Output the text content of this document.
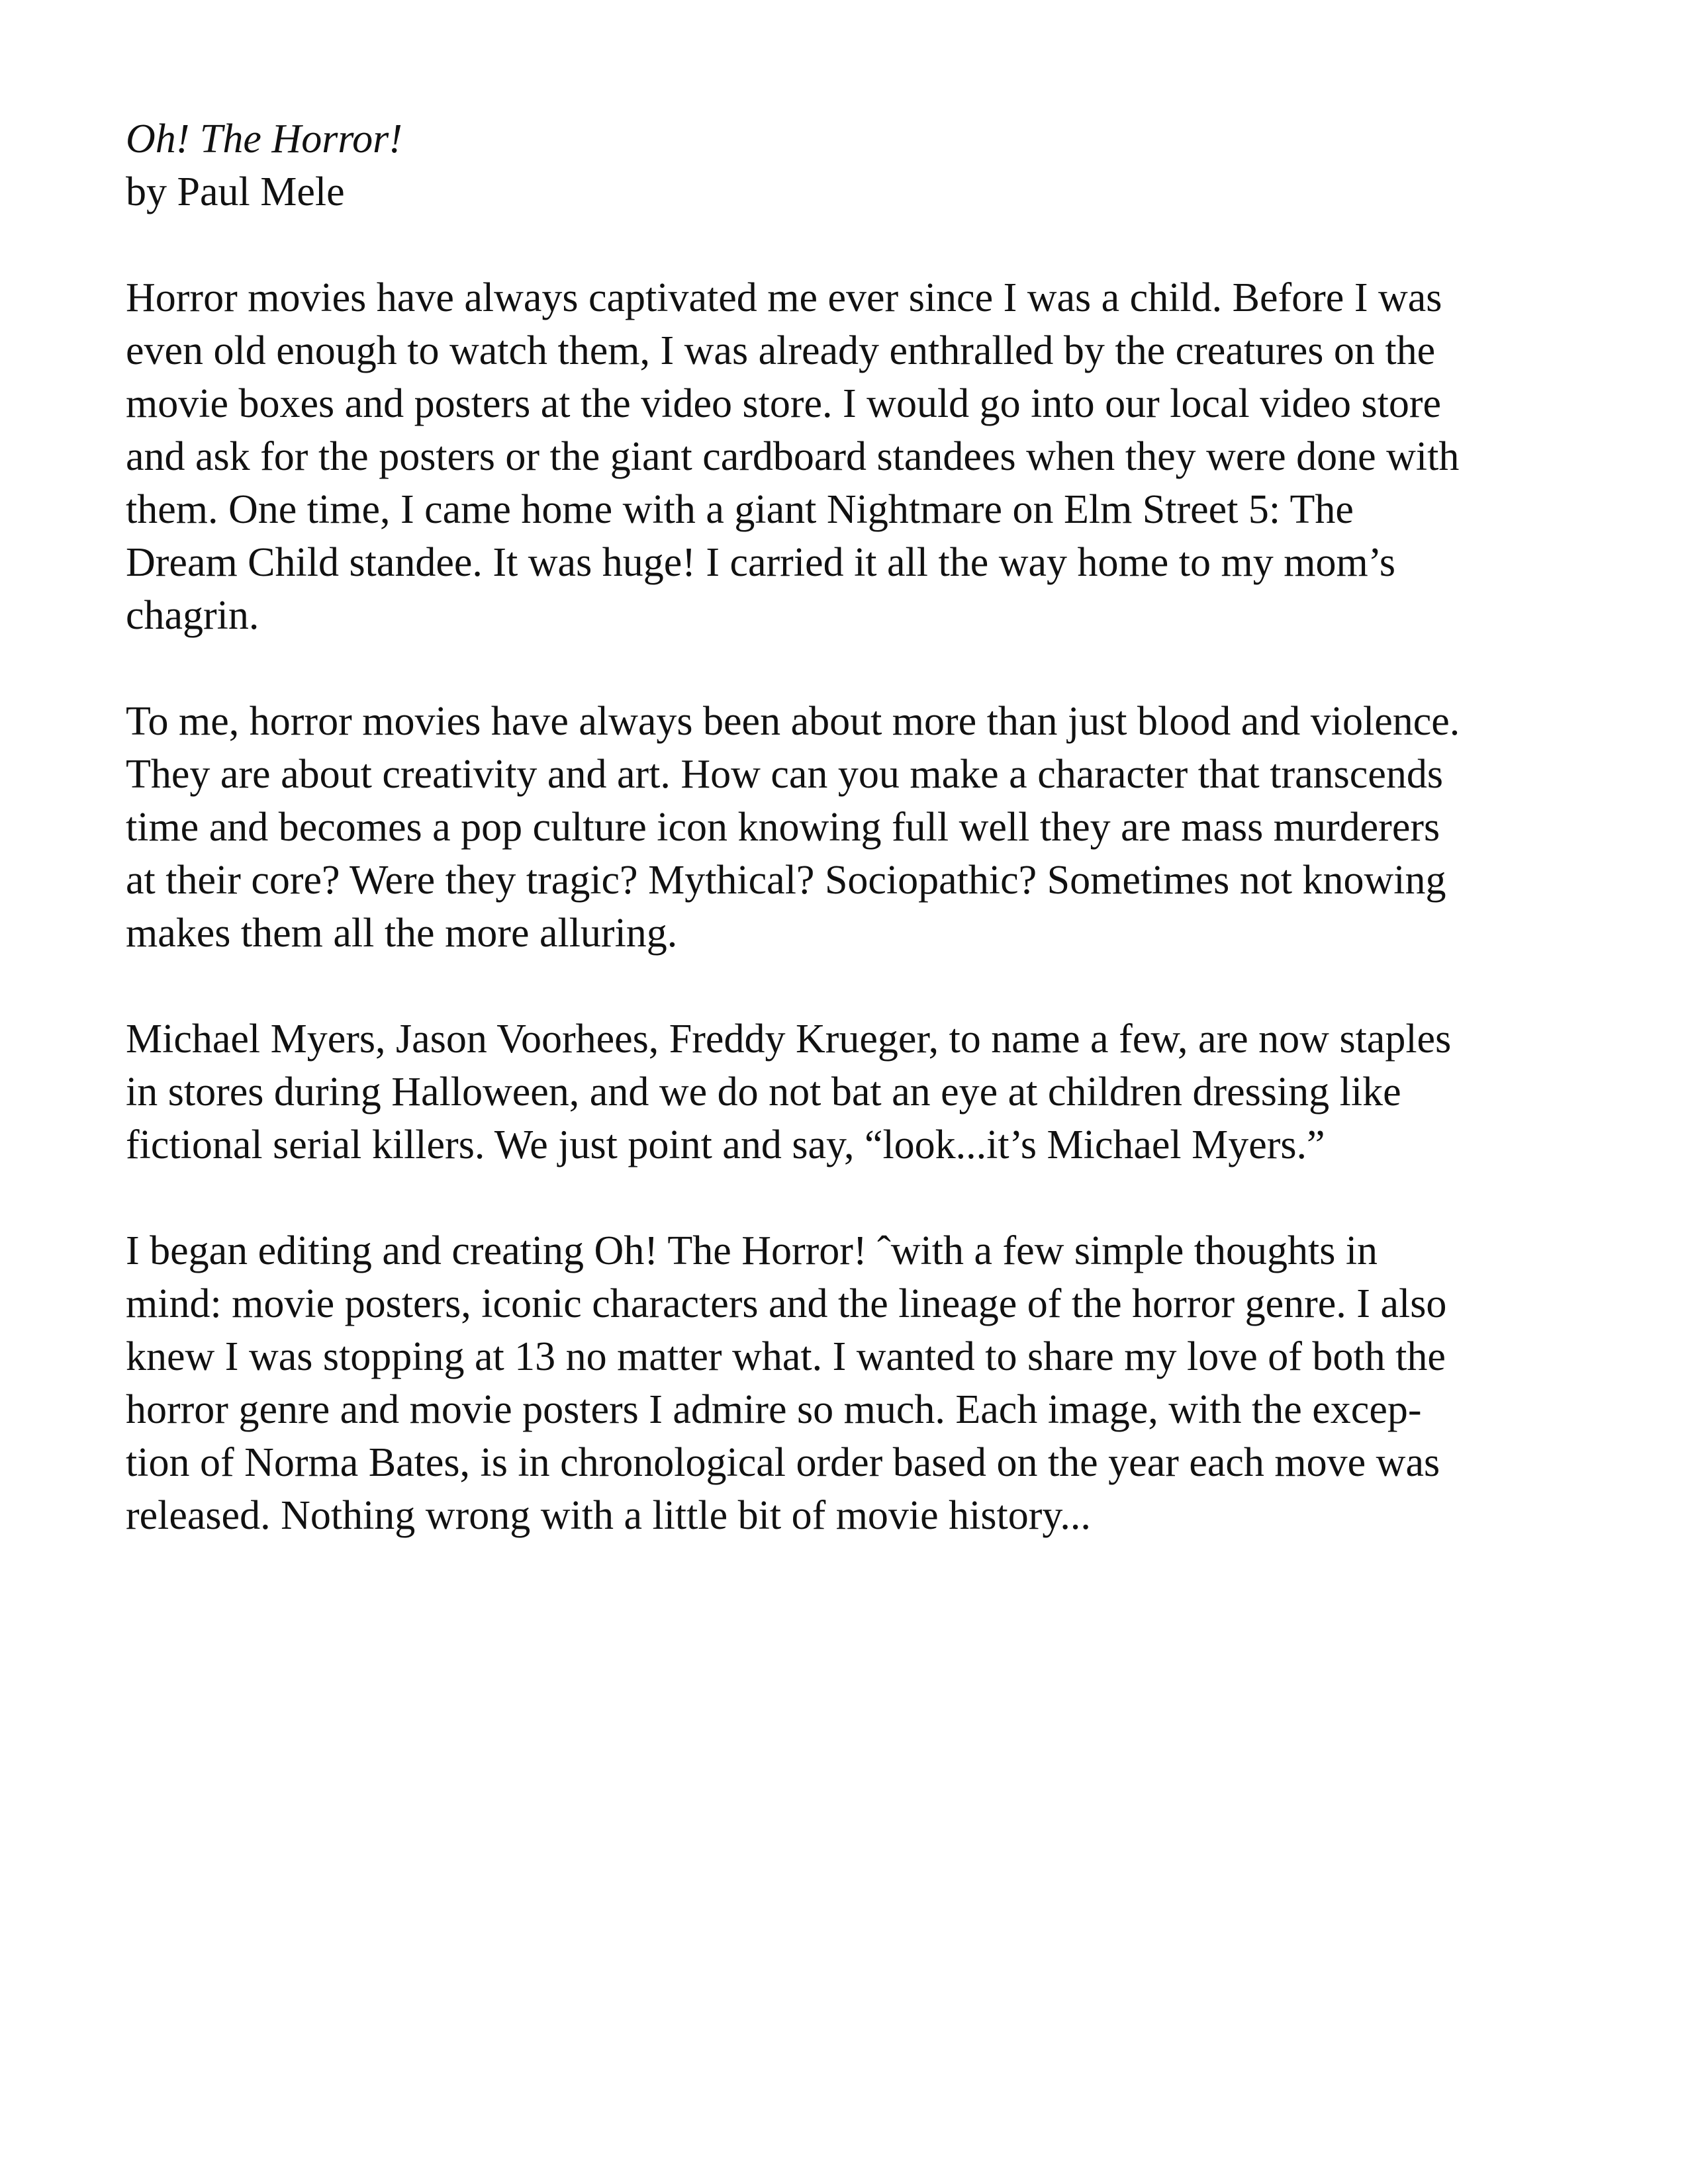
Oh! The Horror!
by Paul Mele
Horror movies have always captivated me ever since I was a child. Before I was
even old enough to watch them, I was already enthralled by the creatures on the
movie boxes and posters at the video store. I would go into our local video store
and ask for the posters or the giant cardboard standees when they were done with
them. One time, I came home with a giant Nightmare on Elm Street 5: The
Dream Child standee. It was huge! I carried it all the way home to my mom’s
chagrin.
To me, horror movies have always been about more than just blood and violence.
They are about creativity and art. How can you make a character that transcends
time and becomes a pop culture icon knowing full well they are mass murderers
at their core? Were they tragic? Mythical? Sociopathic? Sometimes not knowing
makes them all the more alluring.
Michael Myers, Jason Voorhees, Freddy Krueger, to name a few, are now staples
in stores during Halloween, and we do not bat an eye at children dressing like
fictional serial killers. We just point and say, “look...it’s Michael Myers.”
I began editing and creating Oh! The Horror! ˆwith a few simple thoughts in
mind: movie posters, iconic characters and the lineage of the horror genre. I also
knew I was stopping at 13 no matter what. I wanted to share my love of both the
horror genre and movie posters I admire so much. Each image, with the excep-
tion of Norma Bates, is in chronological order based on the year each move was
released. Nothing wrong with a little bit of movie history...
